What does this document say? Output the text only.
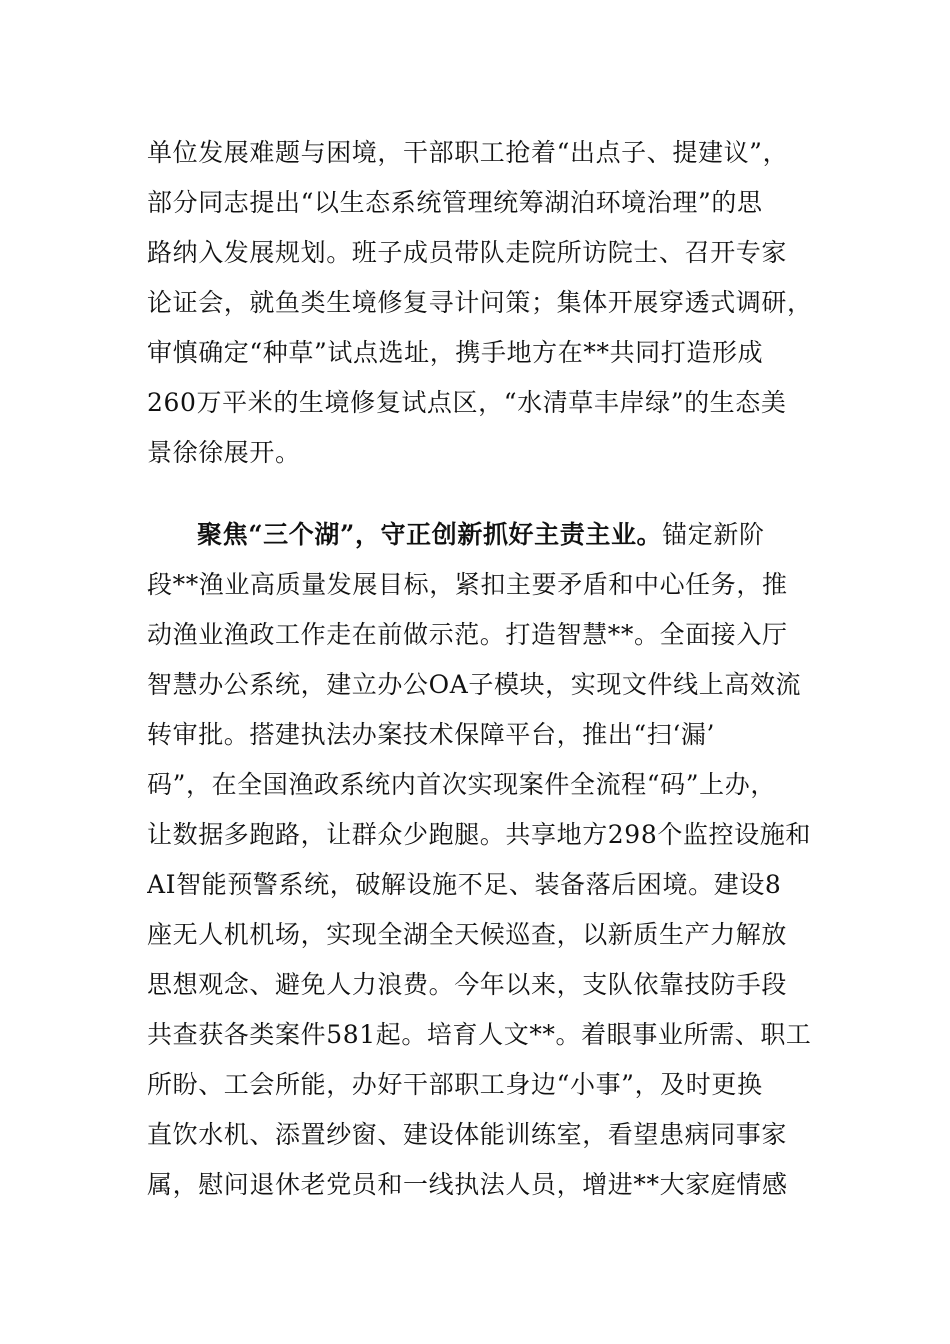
单位发展难题与困境，干部职工抢着“出点子、提建议”，
部分同志提出“以生态系统管理统筹湖泊环境治理”的思
路纳入发展规划。班子成员带队走院所访院士、召开专家
论证会，就鱼类生境修复寻计问策；集体开展穿透式调研，
审慎确定“种草”试点选址，携手地方在**共同打造形成
260万平米的生境修复试点区，“水清草丰岸绿”的生态美
景徐徐展开。
聚焦“三个湖”，守正创新抓好主责主业。锚定新阶
段**渔业高质量发展目标，紧扣主要矛盾和中心任务，推
动渔业渔政工作走在前做示范。打造智慧**。全面接入厅
智慧办公系统，建立办公OA子模块，实现文件线上高效流
转审批。搭建执法办案技术保障平台，推出“扫‘漏’
码”，在全国渔政系统内首次实现案件全流程“码”上办，
让数据多跑路，让群众少跑腿。共享地方298个监控设施和
AI智能预警系统，破解设施不足、装备落后困境。建设8
座无人机机场，实现全湖全天候巡查，以新质生产力解放
思想观念、避免人力浪费。今年以来，支队依靠技防手段
共查获各类案件581起。培育人文**。着眼事业所需、职工
所盼、工会所能，办好干部职工身边“小事”，及时更换
直饮水机、添置纱窗、建设体能训练室，看望患病同事家
属，慰问退休老党员和一线执法人员，增进**大家庭情感
